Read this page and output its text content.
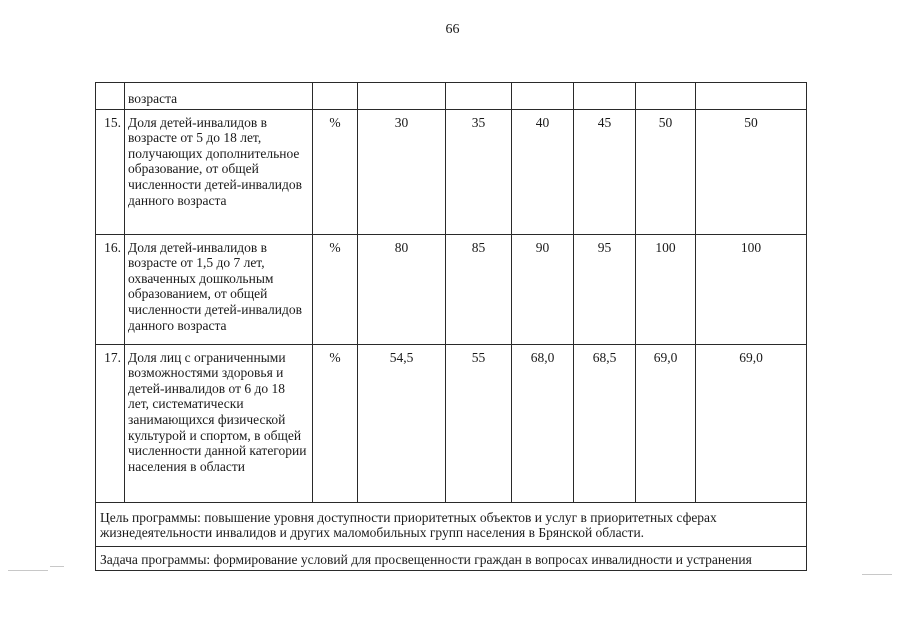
66
	возраста							
15.	Доля детей-инвалидов в возрасте от 5 до 18 лет, получающих дополнительное образование, от общей численности детей-инвалидов данного возраста	%	30	35	40	45	50	50
16.	Доля детей-инвалидов в возрасте от 1,5 до 7 лет, охваченных дошкольным образованием, от общей численности детей-инвалидов данного возраста	%	80	85	90	95	100	100
17.	Доля лиц с ограниченными возможностями здоровья и детей-инвалидов от 6 до 18 лет, систематически занимающихся физической культурой и спортом, в общей численности данной категории населения в области	%	54,5	55	68,0	68,5	69,0	69,0
Цель программы: повышение уровня доступности приоритетных объектов и услуг в приоритетных сферах жизнедеятельности инвалидов и других маломобильных групп населения в Брянской области.								
Задача программы: формирование условий для просвещенности граждан в вопросах инвалидности и устранения								
